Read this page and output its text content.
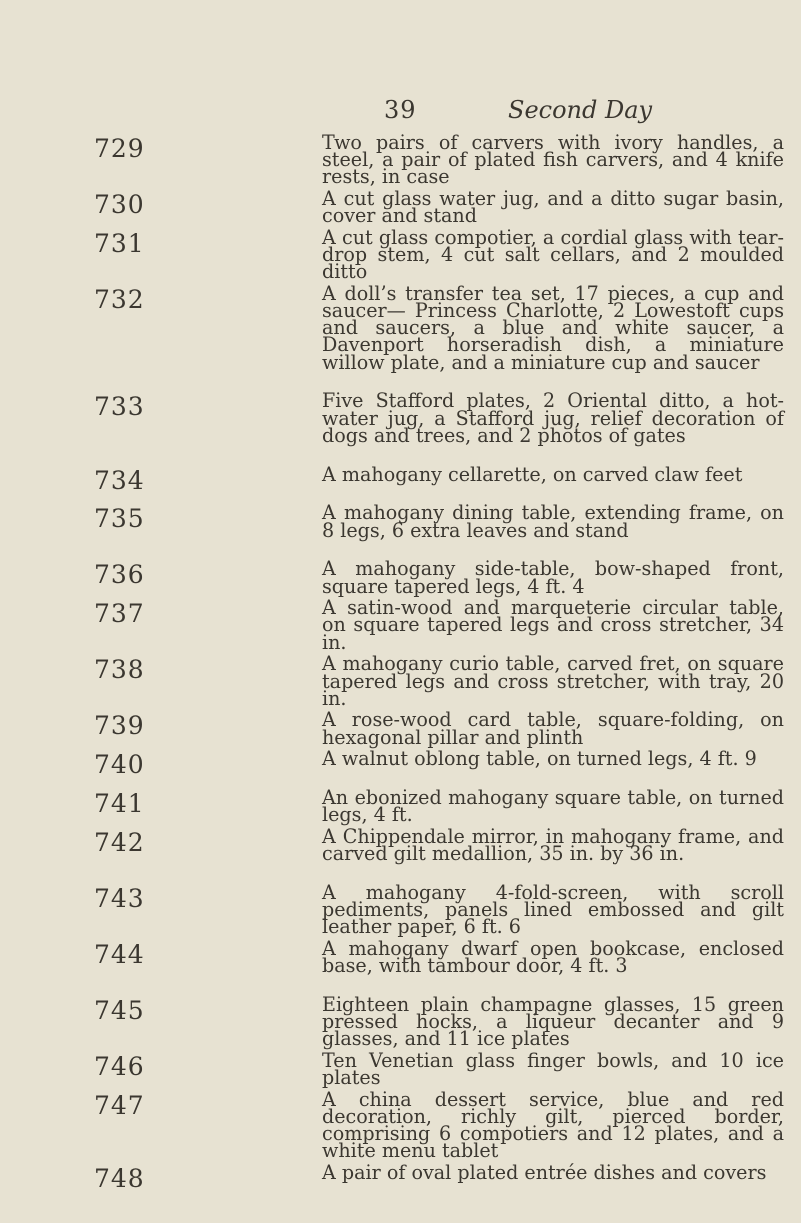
39	Second Day
729	Two pairs of carvers with ivory handles, a steel, a pair of plated fish carvers, and 4 knife rests, in case
730	A cut glass water jug, and a ditto sugar basin, cover and stand
731	A cut glass compotier, a cordial glass with tear-drop stem, 4 cut salt cellars, and 2 moulded ditto
732	A doll’s transfer tea set, 17 pieces, a cup and saucer— Princess Charlotte, 2 Lowestoft cups and saucers, a blue and white saucer, a Davenport horseradish dish, a miniature willow plate, and a miniature cup and saucer
733	Five Stafford plates, 2 Oriental ditto, a hot-water jug, a Stafford jug, relief decoration of dogs and trees, and 2 photos of gates
734	A mahogany cellarette, on carved claw feet
735	A mahogany dining table, extending frame, on 8 legs, 6 extra leaves and stand
736	A mahogany side-table, bow-shaped front, square tapered legs, 4 ft. 4
737	A satin-wood and marqueterie circular table, on square tapered legs and cross stretcher, 34 in.
738	A mahogany curio table, carved fret, on square tapered legs and cross stretcher, with tray, 20 in.
739	A rose-wood card table, square-folding, on hexagonal pillar and plinth
740	A walnut oblong table, on turned legs, 4 ft. 9
741	An ebonized mahogany square table, on turned legs, 4 ft.
742	A Chippendale mirror, in mahogany frame, and carved gilt medallion, 35 in. by 36 in.
743	A mahogany 4-fold-screen, with scroll pediments, panels lined embossed and gilt leather paper, 6 ft. 6
744	A mahogany dwarf open bookcase, enclosed base, with tambour door, 4 ft. 3
745	Eighteen plain champagne glasses, 15 green pressed hocks, a liqueur decanter and 9 glasses, and 11 ice plates
746	Ten Venetian glass finger bowls, and 10 ice plates
747	A china dessert service, blue and red decoration, richly gilt, pierced border, comprising 6 compotiers and 12 plates, and a white menu tablet
748	A pair of oval plated entrée dishes and covers
